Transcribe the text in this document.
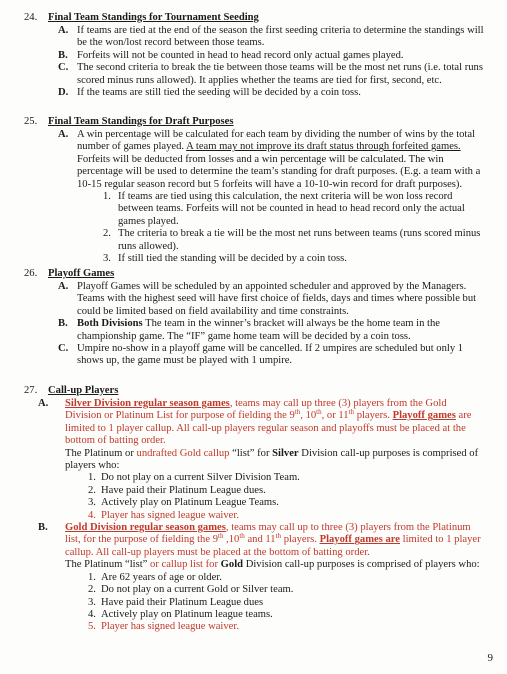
24. Final Team Standings for Tournament Seeding
A. If teams are tied at the end of the season the first seeding criteria to determine the standings will be the won/lost record between those teams.
B. Forfeits will not be counted in head to head record only actual games played.
C. The second criteria to break the tie between those teams will be the most net runs (i.e. total runs scored minus runs allowed). It applies whether the teams are tied for first, second, etc.
D. If the teams are still tied the seeding will be decided by a coin toss.
25. Final Team Standings for Draft Purposes
A. A win percentage will be calculated for each team by dividing the number of wins by the total number of games played. A team may not improve its draft status through forfeited games. Forfeits will be deducted from losses and a win percentage will be calculated. The win percentage will be used to determine the team’s standing for draft purposes. (E.g. a team with a 10-15 regular season record but 5 forfeits will have a 10-10-win record for draft purposes).
1. If teams are tied using this calculation, the next criteria will be won loss record between teams. Forfeits will not be counted in head to head record only the actual games played.
2. The criteria to break a tie will be the most net runs between teams (runs scored minus runs allowed).
3. If still tied the standing will be decided by a coin toss.
26. Playoff Games
A. Playoff Games will be scheduled by an appointed scheduler and approved by the Managers. Teams with the highest seed will have first choice of fields, days and times where possible but could be limited based on field availability and time constraints.
B. Both Divisions The team in the winner’s bracket will always be the home team in the championship game. The “IF” game home team will be decided by a coin toss.
C. Umpire no-show in a playoff game will be cancelled. If 2 umpires are scheduled but only 1 shows up, the game must be played with 1 umpire.
27. Call-up Players
A. Silver Division regular season games, teams may call up three (3) players from the Gold Division or Platinum List for purpose of fielding the 9th, 10th, or 11th players. Playoff games are limited to 1 player callup. All call-up players regular season and playoffs must be placed at the bottom of batting order.
The Platinum or undrafted Gold callup “list” for Silver Division call-up purposes is comprised of players who:
1. Do not play on a current Silver Division Team.
2. Have paid their Platinum League dues.
3. Actively play on Platinum League Teams.
4. Player has signed league waiver.
B. Gold Division regular season games, teams may call up to three (3) players from the Platinum list, for the purpose of fielding the 9th ,10th and 11th players. Playoff games are limited to 1 player callup. All call-up players must be placed at the bottom of batting order.
The Platinum “list” or callup list for Gold Division call-up purposes is comprised of players who:
1. Are 62 years of age or older.
2. Do not play on a current Gold or Silver team.
3. Have paid their Platinum League dues
4. Actively play on Platinum league teams.
5. Player has signed league waiver.
9
